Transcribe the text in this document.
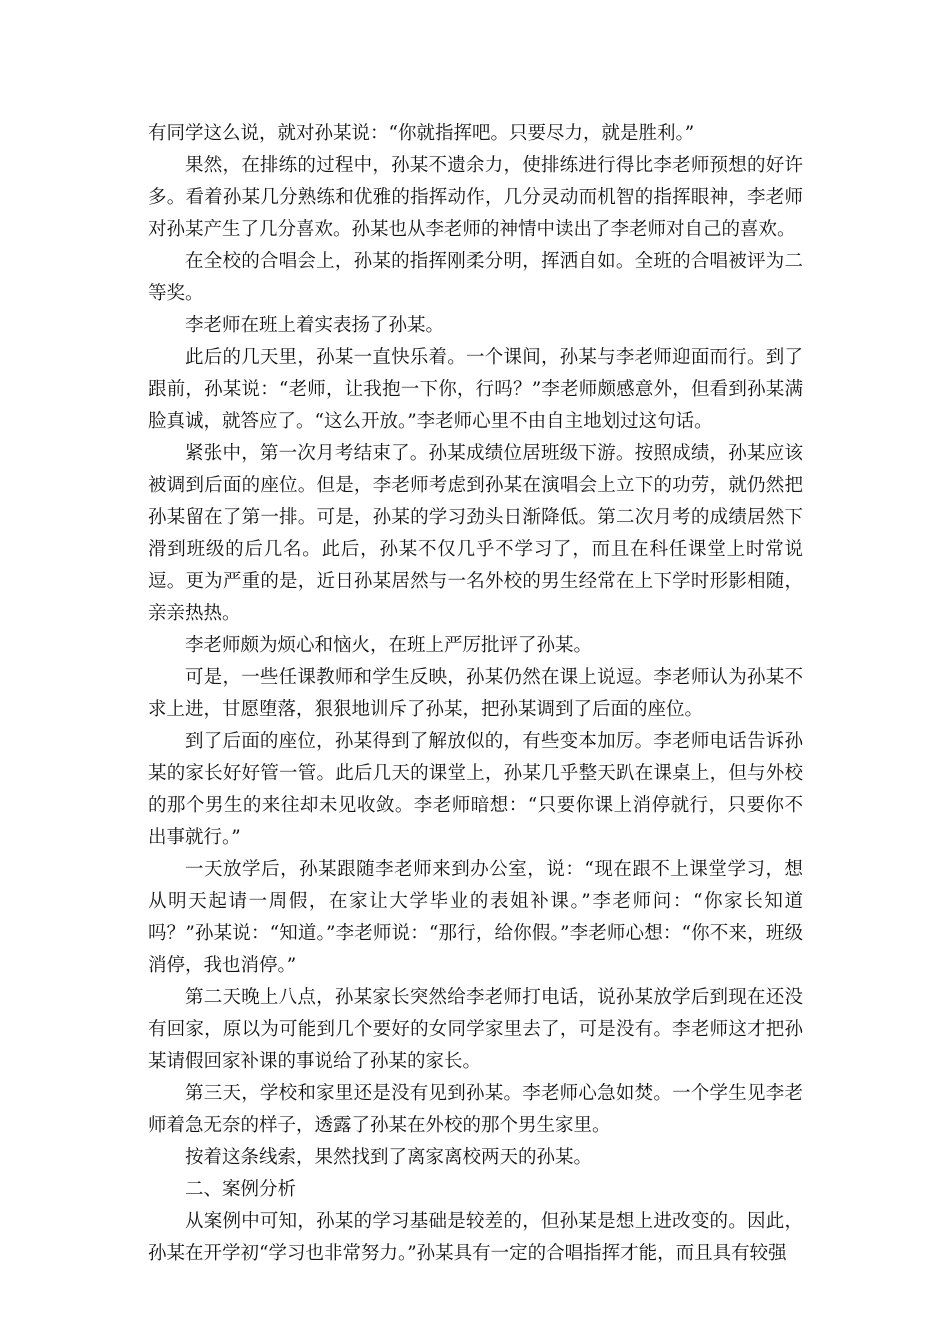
有同学这么说，就对孙某说：“你就指挥吧。只要尽力，就是胜利。”

果然，在排练的过程中，孙某不遗余力，使排练进行得比李老师预想的好许多。看着孙某几分熟练和优雅的指挥动作，几分灵动而机智的指挥眼神，李老师对孙某产生了几分喜欢。孙某也从李老师的神情中读出了李老师对自己的喜欢。

在全校的合唱会上，孙某的指挥刚柔分明，挥洒自如。全班的合唱被评为二等奖。

李老师在班上着实表扬了孙某。

此后的几天里，孙某一直快乐着。一个课间，孙某与李老师迎面而行。到了跟前，孙某说：“老师，让我抱一下你，行吗？”李老师颇感意外，但看到孙某满脸真诚，就答应了。“这么开放。”李老师心里不由自主地划过这句话。

紧张中，第一次月考结束了。孙某成绩位居班级下游。按照成绩，孙某应该被调到后面的座位。但是，李老师考虑到孙某在演唱会上立下的功劳，就仍然把孙某留在了第一排。可是，孙某的学习劲头日渐降低。第二次月考的成绩居然下滑到班级的后几名。此后，孙某不仅几乎不学习了，而且在科任课堂上时常说逗。更为严重的是，近日孙某居然与一名外校的男生经常在上下学时形影相随，亲亲热热。

李老师颇为烦心和恼火，在班上严厉批评了孙某。

可是，一些任课教师和学生反映，孙某仍然在课上说逗。李老师认为孙某不求上进，甘愿堕落，狠狠地训斥了孙某，把孙某调到了后面的座位。

到了后面的座位，孙某得到了解放似的，有些变本加厉。李老师电话告诉孙某的家长好好管一管。此后几天的课堂上，孙某几乎整天趴在课桌上，但与外校的那个男生的来往却未见收敛。李老师暗想：“只要你课上消停就行，只要你不出事就行。”

一天放学后，孙某跟随李老师来到办公室，说：“现在跟不上课堂学习，想从明天起请一周假，在家让大学毕业的表姐补课。”李老师问：“你家长知道吗？”孙某说：“知道。”李老师说：“那行，给你假。”李老师心想：“你不来，班级消停，我也消停。”

第二天晚上八点，孙某家长突然给李老师打电话，说孙某放学后到现在还没有回家，原以为可能到几个要好的女同学家里去了，可是没有。李老师这才把孙某请假回家补课的事说给了孙某的家长。

第三天，学校和家里还是没有见到孙某。李老师心急如焚。一个学生见李老师着急无奈的样子，透露了孙某在外校的那个男生家里。

按着这条线索，果然找到了离家离校两天的孙某。

二、案例分析

从案例中可知，孙某的学习基础是较差的，但孙某是想上进改变的。因此，孙某在开学初“学习也非常努力。”孙某具有一定的合唱指挥才能，而且具有较强
